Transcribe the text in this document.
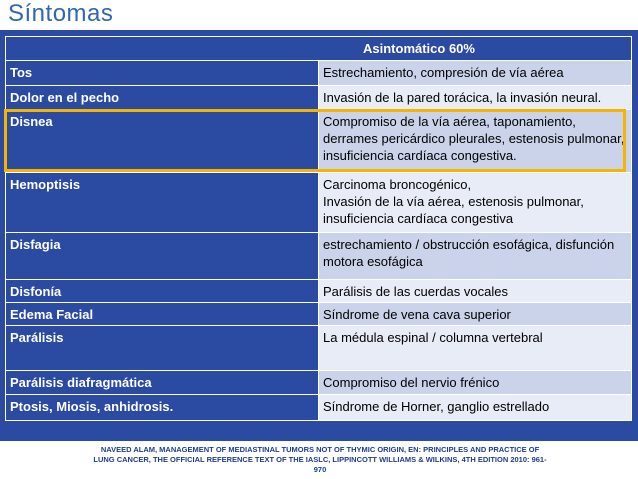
Síntomas
Asintomático 60%	
Tos	Estrechamiento, compresión de vía aérea
Dolor en el pecho	Invasión de la pared torácica, la invasión neural.
Disnea	Compromiso de la vía aérea, taponamiento, derrames pericárdico pleurales, estenosis pulmonar, insuficiencia cardíaca congestiva.
Hemoptisis	Carcinoma broncogénico,
Invasión de la vía aérea, estenosis pulmonar,
insuficiencia cardíaca congestiva

Disfagia	estrechamiento / obstrucción esofágica, disfunción motora esofágica
Disfonía	Parálisis de las cuerdas vocales
Edema Facial	Síndrome de vena cava superior
Parálisis	La médula espinal / columna vertebral
Parálisis diafragmática	Compromiso del nervio frénico
Ptosis, Miosis, anhidrosis.	Síndrome de Horner, ganglio estrellado
NAVEED ALAM, MANAGEMENT OF MEDIASTINAL TUMORS NOT OF THYMIC ORIGIN, EN: PRINCIPLES AND PRACTICE OF LUNG CANCER, THE OFFICIAL REFERENCE TEXT OF THE IASLC, LIPPINCOTT WILLIAMS & WILKINS, 4TH EDITION 2010: 961-970
